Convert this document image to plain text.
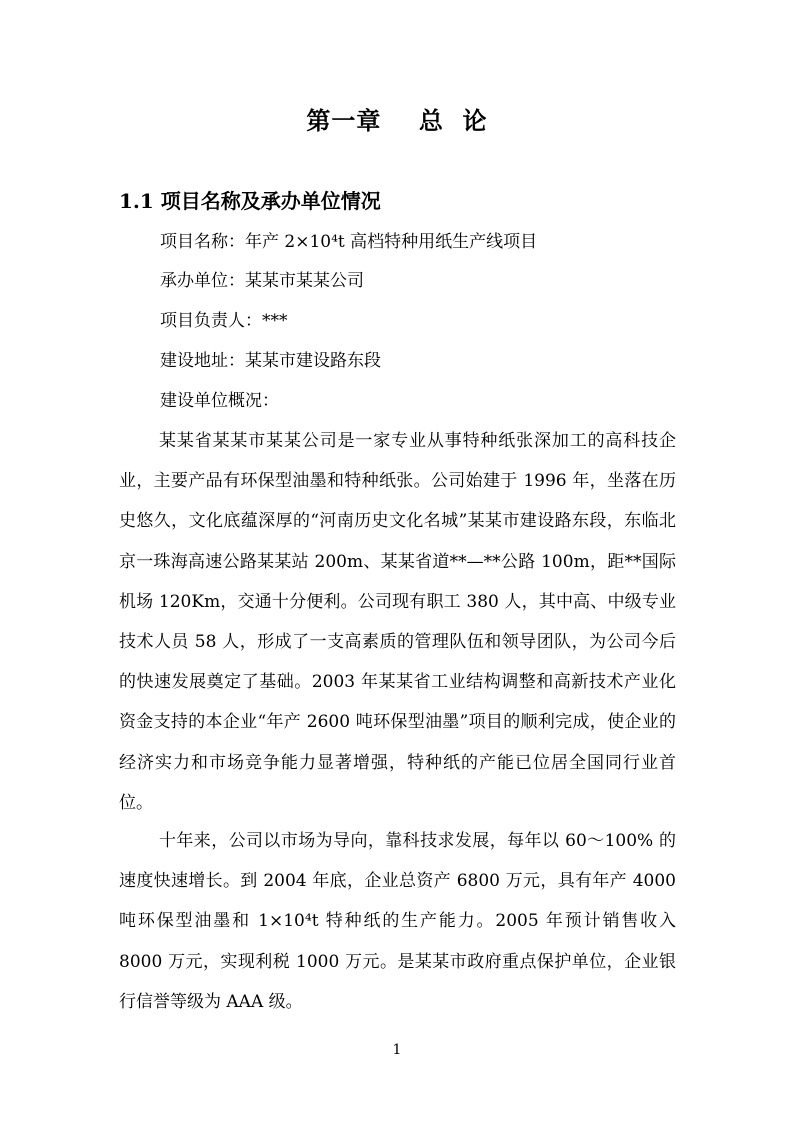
第一章    总  论
1.1 项目名称及承办单位情况
项目名称：年产 2×10⁴t 高档特种用纸生产线项目
承办单位：某某市某某公司
项目负责人：***
建设地址：某某市建设路东段
建设单位概况：

某某省某某市某某公司是一家专业从事特种纸张深加工的高科技企业，主要产品有环保型油墨和特种纸张。公司始建于 1996 年，坐落在历史悠久，文化底蕴深厚的“河南历史文化名城”某某市建设路东段，东临北京一珠海高速公路某某站 200m、某某省道**—**公路 100m，距**国际机场 120Km，交通十分便利。公司现有职工 380 人，其中高、中级专业技术人员 58 人，形成了一支高素质的管理队伍和领导团队，为公司今后的快速发展奠定了基础。2003 年某某省工业结构调整和高新技术产业化资金支持的本企业“年产 2600 吨环保型油墨”项目的顺利完成，使企业的经济实力和市场竞争能力显著增强，特种纸的产能已位居全国同行业首位。

十年来，公司以市场为导向，靠科技求发展，每年以 60～100% 的速度快速增长。到 2004 年底，企业总资产 6800 万元，具有年产 4000 吨环保型油墨和 1×10⁴t 特种纸的生产能力。2005 年预计销售收入 8000 万元，实现利税 1000 万元。是某某市政府重点保护单位，企业银行信誉等级为 AAA 级。

1
